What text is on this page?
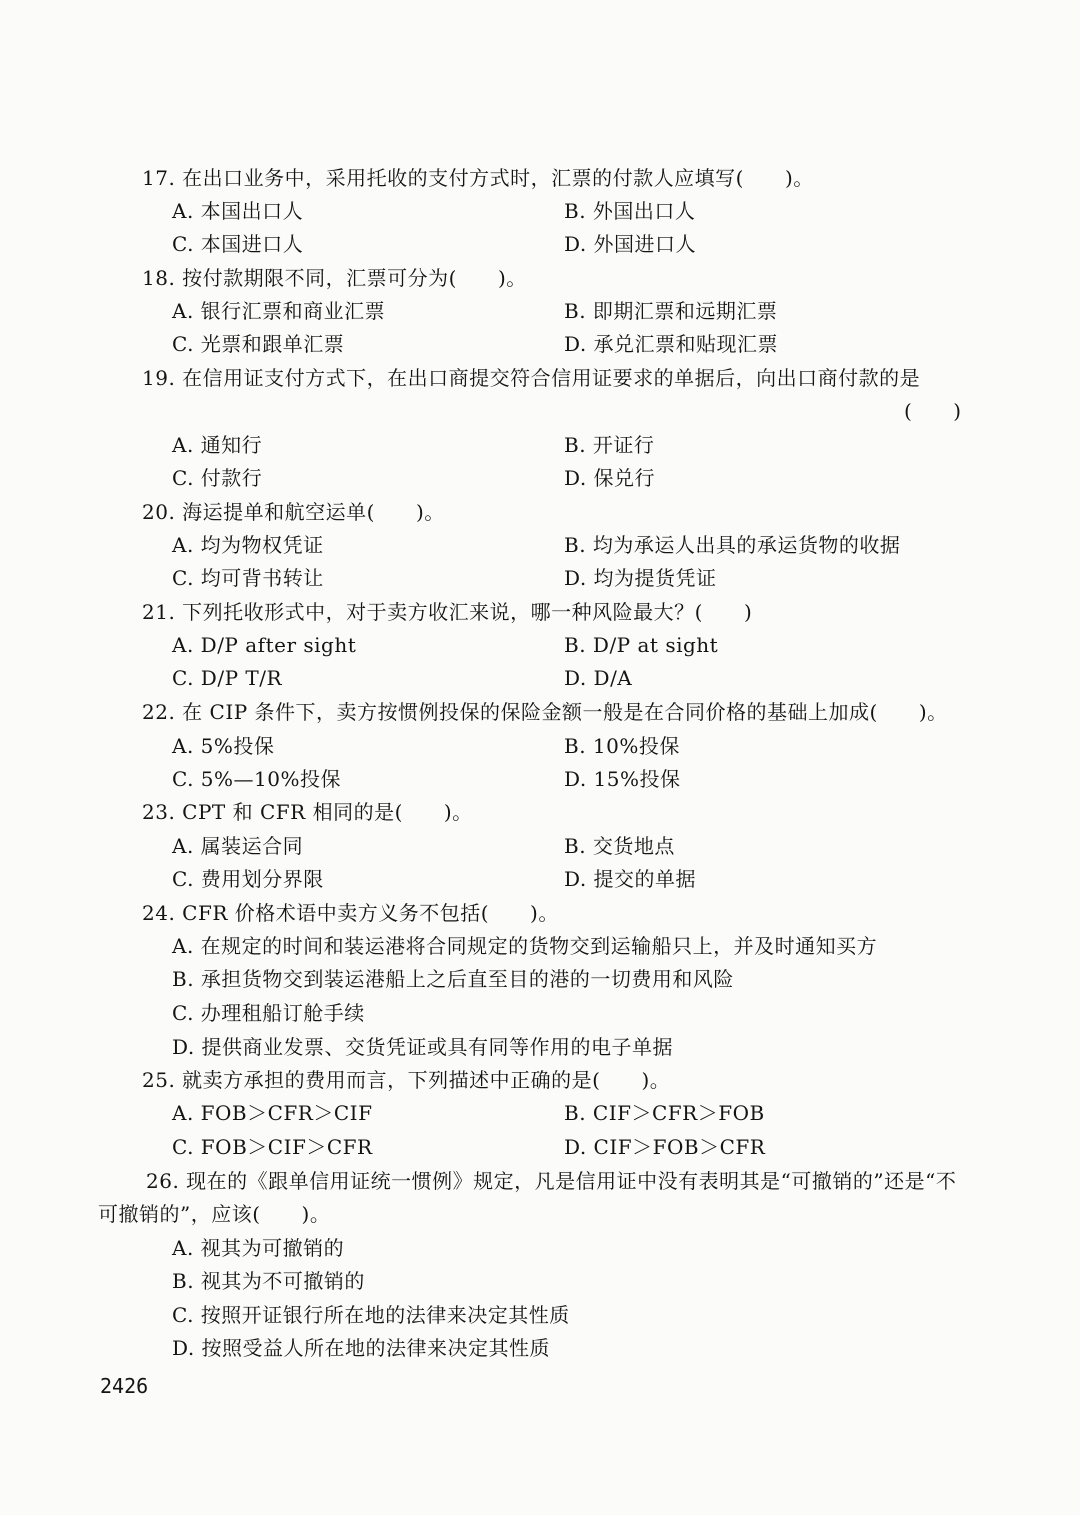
17. 在出口业务中，采用托收的支付方式时，汇票的付款人应填写(　　)。
A. 本国出口人	B. 外国出口人
C. 本国进口人	D. 外国进口人
18. 按付款期限不同，汇票可分为(　　)。
A. 银行汇票和商业汇票	B. 即期汇票和远期汇票
C. 光票和跟单汇票	D. 承兑汇票和贴现汇票
19. 在信用证支付方式下，在出口商提交符合信用证要求的单据后，向出口商付款的是
(　　)
A. 通知行	B. 开证行
C. 付款行	D. 保兑行
20. 海运提单和航空运单(　　)。
A. 均为物权凭证	B. 均为承运人出具的承运货物的收据
C. 均可背书转让	D. 均为提货凭证
21. 下列托收形式中，对于卖方收汇来说，哪一种风险最大？(　　)
A. D/P after sight	B. D/P at sight
C. D/P T/R	D. D/A
22. 在 CIP 条件下，卖方按惯例投保的保险金额一般是在合同价格的基础上加成(　　)。
A. 5%投保	B. 10%投保
C. 5%—10%投保	D. 15%投保
23. CPT 和 CFR 相同的是(　　)。
A. 属装运合同	B. 交货地点
C. 费用划分界限	D. 提交的单据
24. CFR 价格术语中卖方义务不包括(　　)。
A. 在规定的时间和装运港将合同规定的货物交到运输船只上，并及时通知买方
B. 承担货物交到装运港船上之后直至目的港的一切费用和风险
C. 办理租船订舱手续
D. 提供商业发票、交货凭证或具有同等作用的电子单据
25. 就卖方承担的费用而言，下列描述中正确的是(　　)。
A. FOB＞CFR＞CIF	B. CIF＞CFR＞FOB
C. FOB＞CIF＞CFR	D. CIF＞FOB＞CFR
26. 现在的《跟单信用证统一惯例》规定，凡是信用证中没有表明其是“可撤销的”还是“不
可撤销的”，应该(　　)。
A. 视其为可撤销的
B. 视其为不可撤销的
C. 按照开证银行所在地的法律来决定其性质
D. 按照受益人所在地的法律来决定其性质
2426
